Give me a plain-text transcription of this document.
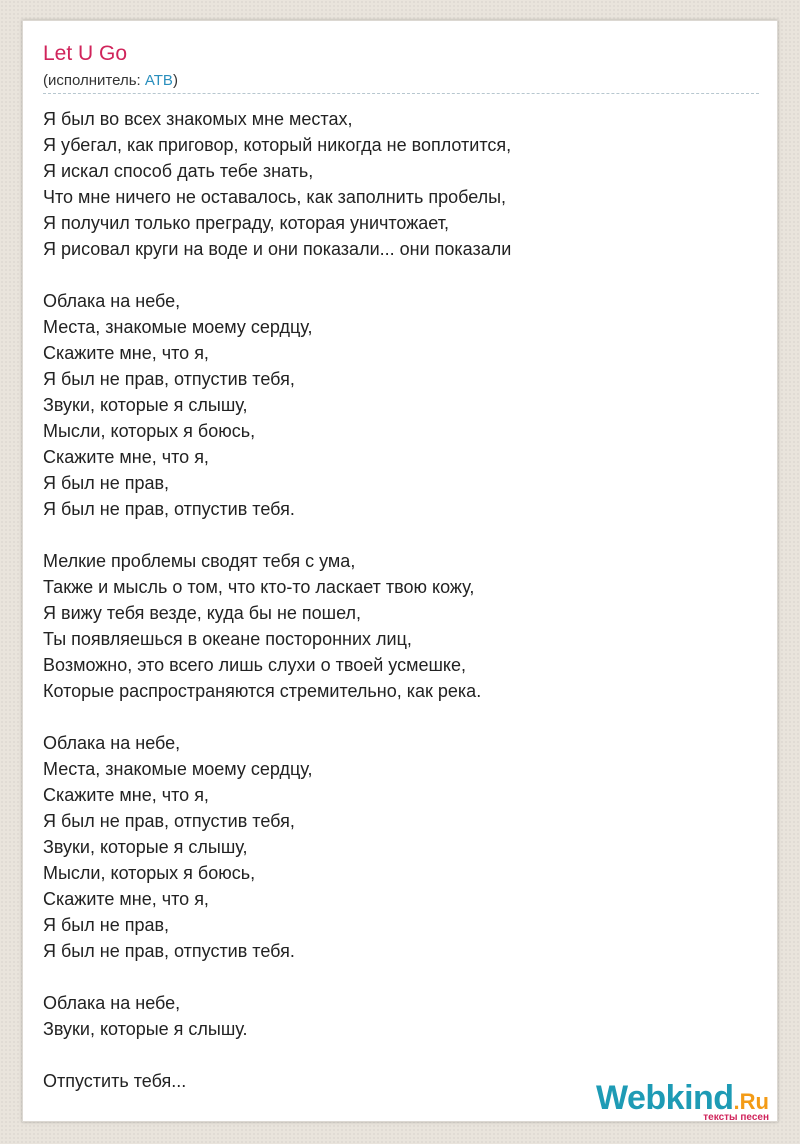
Let U Go
(исполнитель: ATB)
Я был во всех знакомых мне местах,
Я убегал, как приговор, который никогда не воплотится,
Я искал способ дать тебе знать,
Что мне ничего не оставалось, как заполнить пробелы,
Я получил только преграду, которая уничтожает,
Я рисовал круги на воде и они показали... они показали
Облака на небе,
Места, знакомые моему сердцу,
Скажите мне, что я,
Я был не прав, отпустив тебя,
Звуки, которые я слышу,
Мысли, которых я боюсь,
Скажите мне, что я,
Я был не прав,
Я был не прав, отпустив тебя.
Мелкие проблемы сводят тебя с ума,
Также и мысль о том, что кто-то ласкает твою кожу,
Я вижу тебя везде, куда бы не пошел,
Ты появляешься в океане посторонних лиц,
Возможно, это всего лишь слухи о твоей усмешке,
Которые распространяются стремительно, как река.
Облака на небе,
Места, знакомые моему сердцу,
Скажите мне, что я,
Я был не прав, отпустив тебя,
Звуки, которые я слышу,
Мысли, которых я боюсь,
Скажите мне, что я,
Я был не прав,
Я был не прав, отпустив тебя.
Облака на небе,
Звуки, которые я слышу.
Отпустить тебя...	Webkind.Ru
тексты песен
